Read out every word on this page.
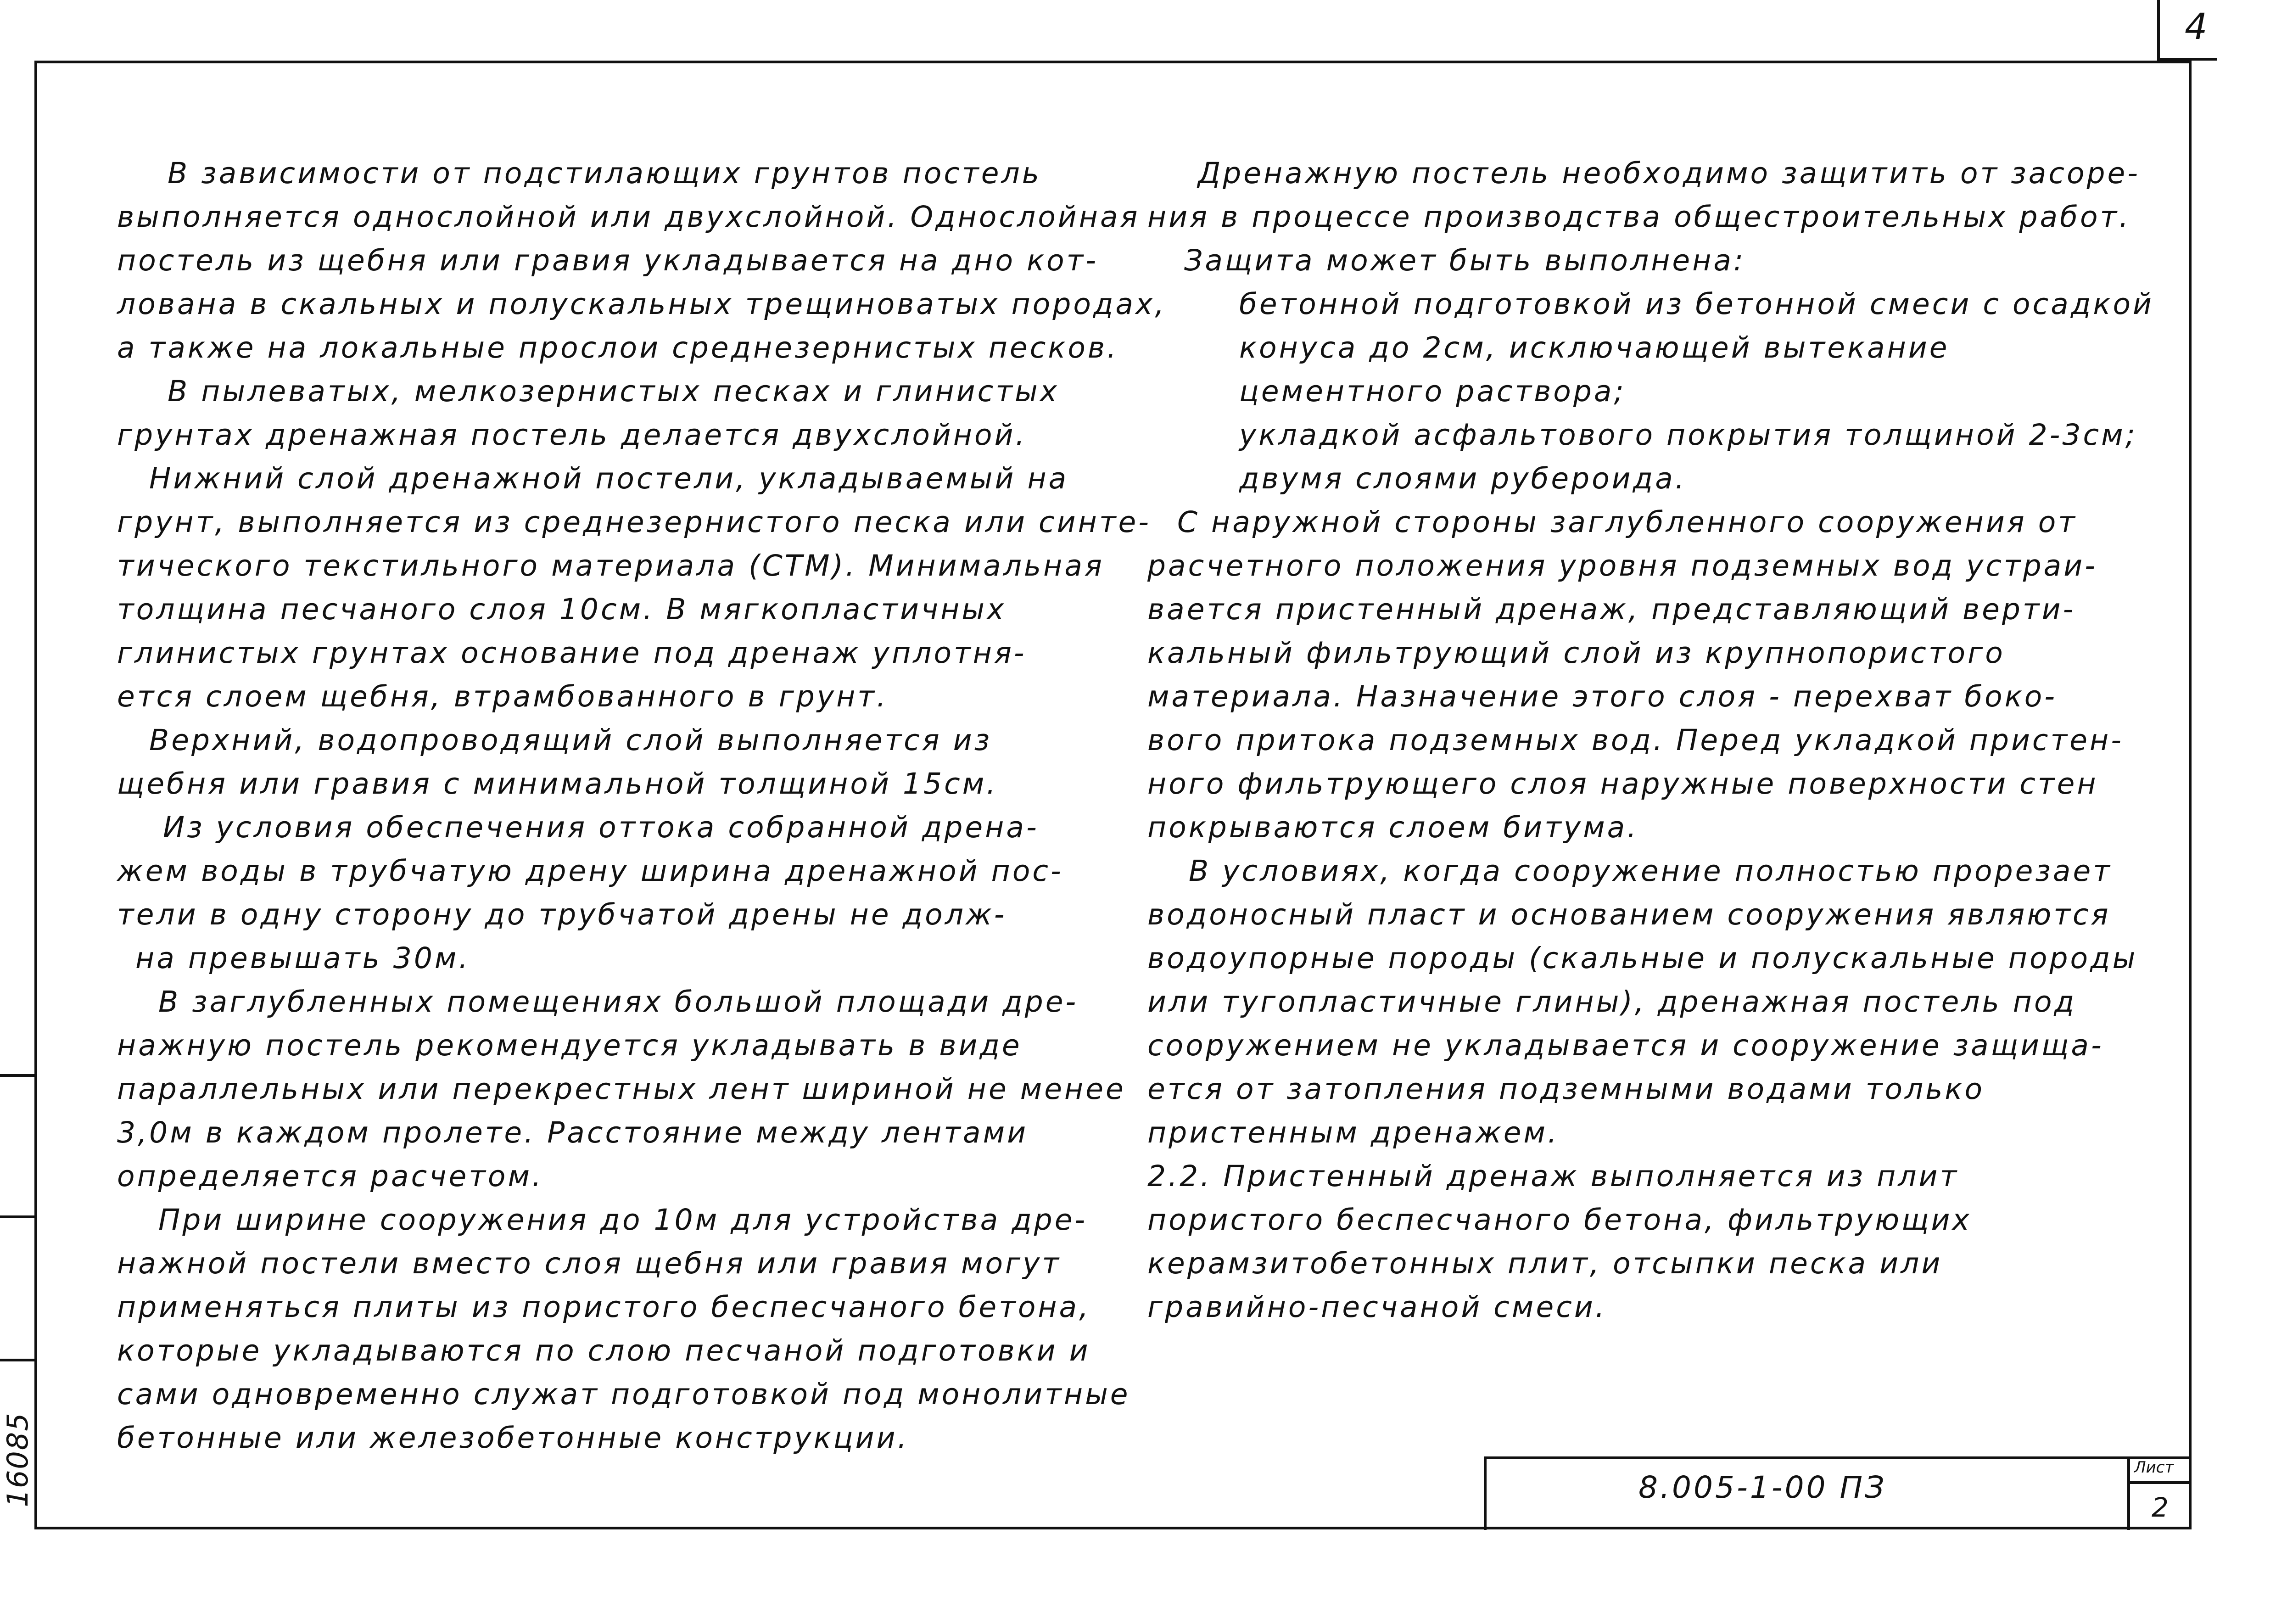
4
16085
В зависимости от подстилающих грунтов постель
выполняется однослойной или двухслойной. Однослойная
постель из щебня или гравия укладывается на дно кот-
лована в скальных и полускальных трещиноватых породах,
а также на локальные прослои среднезернистых песков.
В пылеватых, мелкозернистых песках и глинистых
грунтах дренажная постель делается двухслойной.
Нижний слой дренажной постели, укладываемый на
грунт, выполняется из среднезернистого песка или синте-
тического текстильного материала (СТМ). Минимальная
толщина песчаного слоя 10см. В мягкопластичных
глинистых грунтах основание под дренаж уплотня-
ется слоем щебня, втрамбованного в грунт.
Верхний, водопроводящий слой выполняется из
щебня или гравия с минимальной толщиной 15см.
Из условия обеспечения оттока собранной дрена-
жем воды в трубчатую дрену ширина дренажной пос-
тели в одну сторону до трубчатой дрены не долж-
на превышать 30м.
В заглубленных помещениях большой площади дре-
нажную постель рекомендуется укладывать в виде
параллельных или перекрестных лент шириной не менее
3,0м в каждом пролете. Расстояние между лентами
определяется расчетом.
При ширине сооружения до 10м для устройства дре-
нажной постели вместо слоя щебня или гравия могут
применяться плиты из пористого беспесчаного бетона,
которые укладываются по слою песчаной подготовки и
сами одновременно служат подготовкой под монолитные
бетонные или железобетонные конструкции.
Дренажную постель необходимо защитить от засоре-
ния в процессе производства общестроительных работ.
Защита может быть выполнена:
бетонной подготовкой из бетонной смеси с осадкой
конуса до 2см, исключающей вытекание
цементного раствора;
укладкой асфальтового покрытия толщиной 2-3см;
двумя слоями рубероида.
С наружной стороны заглубленного сооружения от
расчетного положения уровня подземных вод устраи-
вается пристенный дренаж, представляющий верти-
кальный фильтрующий слой из крупнопористого
материала. Назначение этого слоя - перехват боко-
вого притока подземных вод. Перед укладкой пристен-
ного фильтрующего слоя наружные поверхности стен
покрываются слоем битума.
В условиях, когда сооружение полностью прорезает
водоносный пласт и основанием сооружения являются
водоупорные породы (скальные и полускальные породы
или тугопластичные глины), дренажная постель под
сооружением не укладывается и сооружение защища-
ется от затопления подземными водами только
пристенным дренажем.
2.2. Пристенный дренаж выполняется из плит
пористого беспесчаного бетона, фильтрующих
керамзитобетонных плит, отсыпки песка или
гравийно-песчаной смеси.
8.005-1-00 ПЗ
Лист
2
